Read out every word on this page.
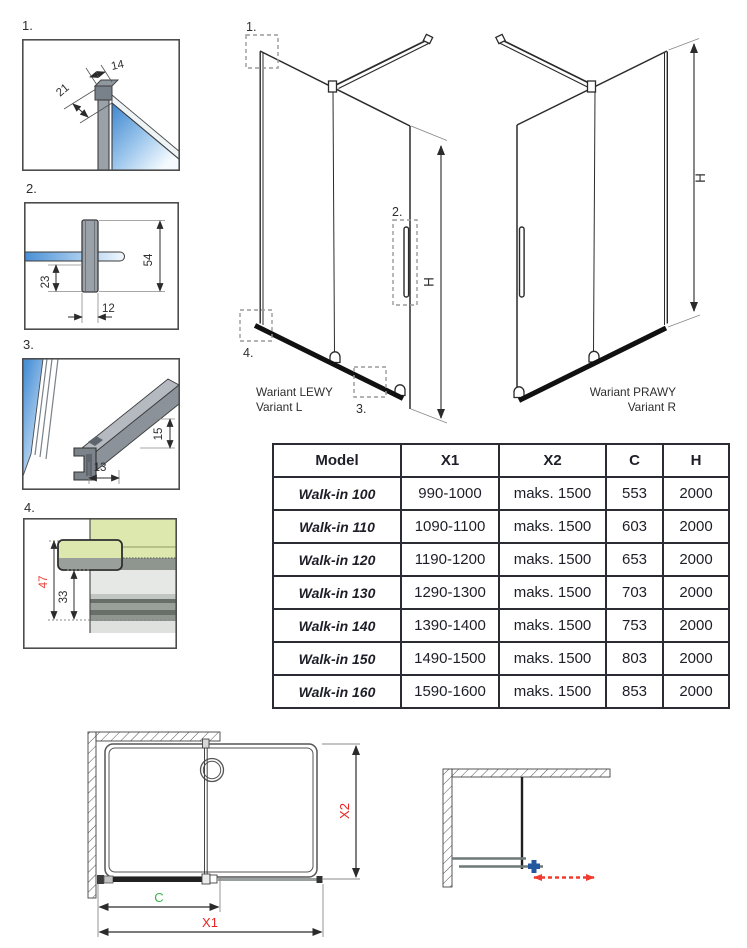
1.
14
21
2.
54
23
12
3.
13
15
4.
47
33
H
1.
2.
3.
4.
Wariant LEWY
Variant L
H
Wariant PRAWY
Variant R
Model	X1	X2	C	H
Walk-in 100	990-1000	maks. 1500	553	2000
Walk-in 110	1090-1100	maks. 1500	603	2000
Walk-in 120	1190-1200	maks. 1500	653	2000
Walk-in 130	1290-1300	maks. 1500	703	2000
Walk-in 140	1390-1400	maks. 1500	753	2000
Walk-in 150	1490-1500	maks. 1500	803	2000
Walk-in 160	1590-1600	maks. 1500	853	2000
X2
C
X1
